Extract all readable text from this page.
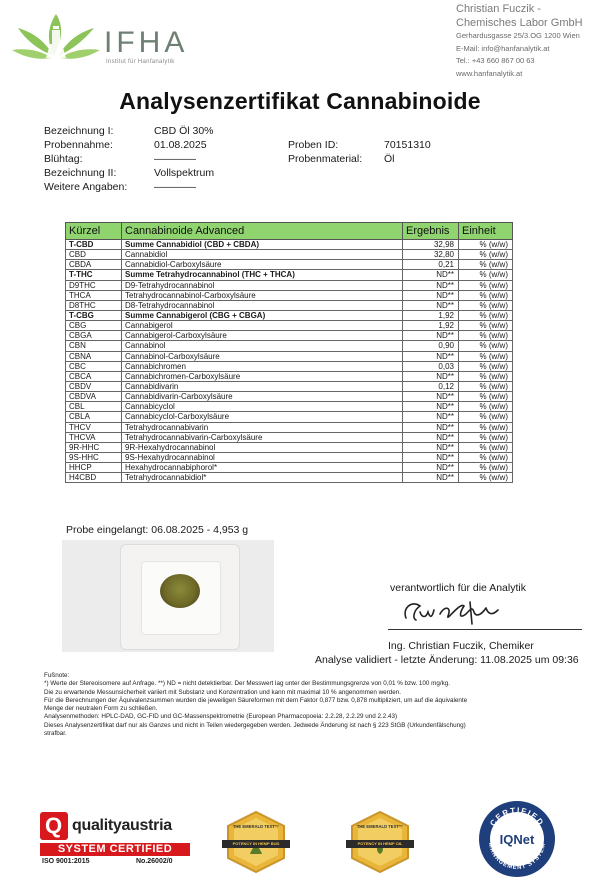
IFHA
Institut für Hanfanalytik
Christian Fuczik -
Chemisches Labor GmbH
Gerhardusgasse 25/3.OG 1200 Wien
E-Mail: info@hanfanalytik.at
Tel.: +43 660 867 00 63
www.hanfanalytik.at
Analysenzertifikat Cannabinoide
Bezeichnung I:	CBD Öl 30%
Probennahme:	01.08.2025	Proben ID:	70151310
Blühtag:	————	Probenmaterial: Öl
Bezeichnung II:	Vollspektrum
Weitere Angaben:	————
Kürzel	Cannabinoide Advanced	Ergebnis	Einheit
T-CBD	Summe Cannabidiol (CBD + CBDA)	32,98	% (w/w)
CBD	Cannabidiol	32,80	% (w/w)
CBDA	Cannabidiol-Carboxylsäure	0,21	% (w/w)
T-THC	Summe Tetrahydrocannabinol (THC + THCA)	ND**	% (w/w)
D9THC	D9-Tetrahydrocannabinol	ND**	% (w/w)
THCA	Tetrahydrocannabinol-Carboxylsäure	ND**	% (w/w)
D8THC	D8-Tetrahydrocannabinol	ND**	% (w/w)
T-CBG	Summe Cannabigerol (CBG + CBGA)	1,92	% (w/w)
CBG	Cannabigerol	1,92	% (w/w)
CBGA	Cannabigerol-Carboxylsäure	ND**	% (w/w)
CBN	Cannabinol	0,90	% (w/w)
CBNA	Cannabinol-Carboxylsäure	ND**	% (w/w)
CBC	Cannabichromen	0,03	% (w/w)
CBCA	Cannabichromen-Carboxylsäure	ND**	% (w/w)
CBDV	Cannabidivarin	0,12	% (w/w)
CBDVA	Cannabidivarin-Carboxylsäure	ND**	% (w/w)
CBL	Cannabicyclol	ND**	% (w/w)
CBLA	Cannabicyclol-Carboxylsäure	ND**	% (w/w)
THCV	Tetrahydrocannabivarin	ND**	% (w/w)
THCVA	Tetrahydrocannabivarin-Carboxylsäure	ND**	% (w/w)
9R-HHC	9R-Hexahydrocannabinol	ND**	% (w/w)
9S-HHC	9S-Hexahydrocannabinol	ND**	% (w/w)
HHCP	Hexahydrocannabiphorol*	ND**	% (w/w)
H4CBD	Tetrahydrocannabidiol*	ND**	% (w/w)
Probe eingelangt: 06.08.2025 - 4,953 g
verantwortlich für die Analytik
Ing. Christian Fuczik, Chemiker
Analyse validiert - letzte Änderung: 11.08.2025 um 09:36
Fußnote:
*) Werte der Stereoisomere auf Anfrage. **) ND = nicht detektierbar. Der Messwert lag unter der Bestimmungsgrenze von 0,01 % bzw. 100 mg/kg.
Die zu erwartende Messunsicherheit variiert mit Substanz und Konzentration und kann mit maximal 10 % angenommen werden.
Für die Berechnungen der Äquivalenzsummen wurden die jeweiligen Säureformen mit dem Faktor 0,877 bzw. 0,878 multipliziert, um auf die äquivalente
Menge der neutralen Form zu schließen.
Analysenmethoden: HPLC-DAD, GC-FID und GC-Massenspektrometrie (European Pharmacopoeia: 2.2.28, 2.2.29 und 2.2.43)
Dieses Analysenzertifikat darf nur als Ganzes und nicht in Teilen wiedergegeben werden. Jedwede Änderung ist nach § 223 StGB (Urkundenfälschung)
strafbar.
Q qualityaustria
SYSTEM CERTIFIED
ISO 9001:2015	No.26002/0
THE EMERALD TEST™
POTENCY IN HEMP BUD
THE EMERALD TEST™
POTENCY IN HEMP OIL
CERTIFIED
MANAGEMENT SYSTEM
IQNet
